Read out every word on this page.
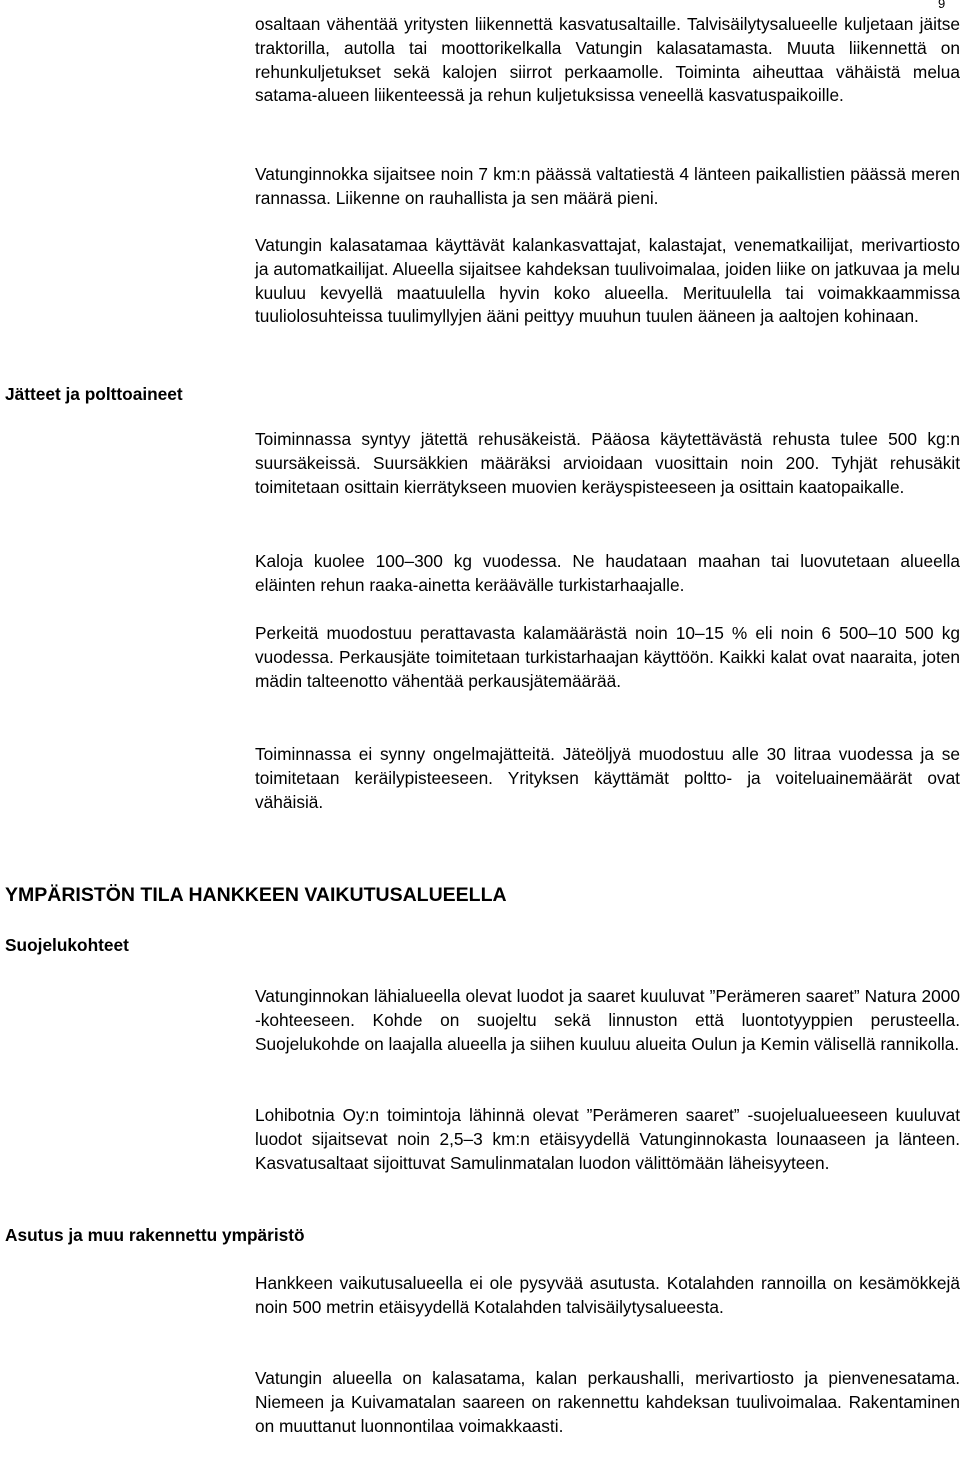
9

osaltaan vähentää yritysten liikennettä kasvatusaltaille. Talvisäilytysalueelle kuljetaan jäitse traktorilla, autolla tai moottorikelkalla Vatungin kalasatamasta. Muuta liikennettä on rehunkuljetukset sekä kalojen siirrot perkaamolle. Toiminta aiheuttaa vähäistä melua satama-alueen liikenteessä ja rehun kuljetuksissa veneellä kasvatuspaikoille.

Vatunginnokka sijaitsee noin 7 km:n päässä valtatiestä 4 länteen paikallistien päässä meren rannassa. Liikenne on rauhallista ja sen määrä pieni.

Vatungin kalasatamaa käyttävät kalankasvattajat, kalastajat, venematkailijat, merivartiosto ja automatkailijat. Alueella sijaitsee kahdeksan tuulivoimalaa, joiden liike on jatkuvaa ja melu kuuluu kevyellä maatuulella hyvin koko alueella. Merituulella tai voimakkaammissa tuuliolosuhteissa tuulimyllyjen ääni peittyy muuhun tuulen ääneen ja aaltojen kohinaan.

Jätteet ja polttoaineet

Toiminnassa syntyy jätettä rehusäkeistä. Pääosa käytettävästä rehusta tulee 500 kg:n suursäkeissä. Suursäkkien määräksi arvioidaan vuosittain noin 200. Tyhjät rehusäkit toimitetaan osittain kierrätykseen muovien keräyspisteeseen ja osittain kaatopaikalle.

Kaloja kuolee 100–300 kg vuodessa. Ne haudataan maahan tai luovutetaan alueella eläinten rehun raaka-ainetta keräävälle turkistarhaajalle.

Perkeitä muodostuu perattavasta kalamäärästä noin 10–15 % eli noin 6 500–10 500 kg vuodessa. Perkausjäte toimitetaan turkistarhaajan käyttöön. Kaikki kalat ovat naaraita, joten mädin talteenotto vähentää perkausjätemäärää.

Toiminnassa ei synny ongelmajätteitä. Jäteöljyä muodostuu alle 30 litraa vuodessa ja se toimitetaan keräilypisteeseen. Yrityksen käyttämät poltto- ja voiteluainemäärät ovat vähäisiä.

YMPÄRISTÖN TILA HANKKEEN VAIKUTUSALUEELLA
Suojelukohteet

Vatunginnokan lähialueella olevat luodot ja saaret kuuluvat ”Perämeren saaret” Natura 2000 -kohteeseen. Kohde on suojeltu sekä linnuston että luontotyyppien perusteella. Suojelukohde on laajalla alueella ja siihen kuuluu alueita Oulun ja Kemin välisellä rannikolla.

Lohibotnia Oy:n toimintoja lähinnä olevat ”Perämeren saaret” -suojelualueeseen kuuluvat luodot sijaitsevat noin 2,5–3 km:n etäisyydellä Vatunginnokasta lounaaseen ja länteen. Kasvatusaltaat sijoittuvat Samulinmatalan luodon välittömään läheisyyteen.

Asutus ja muu rakennettu ympäristö

Hankkeen vaikutusalueella ei ole pysyvää asutusta. Kotalahden rannoilla on kesämökkejä noin 500 metrin etäisyydellä Kotalahden talvisäilytysalueesta.

Vatungin alueella on kalasatama, kalan perkaushalli, merivartiosto ja pienvenesatama. Niemeen ja Kuivamatalan saareen on rakennettu kahdeksan tuulivoimalaa. Rakentaminen on muuttanut luonnontilaa voimakkaasti.
